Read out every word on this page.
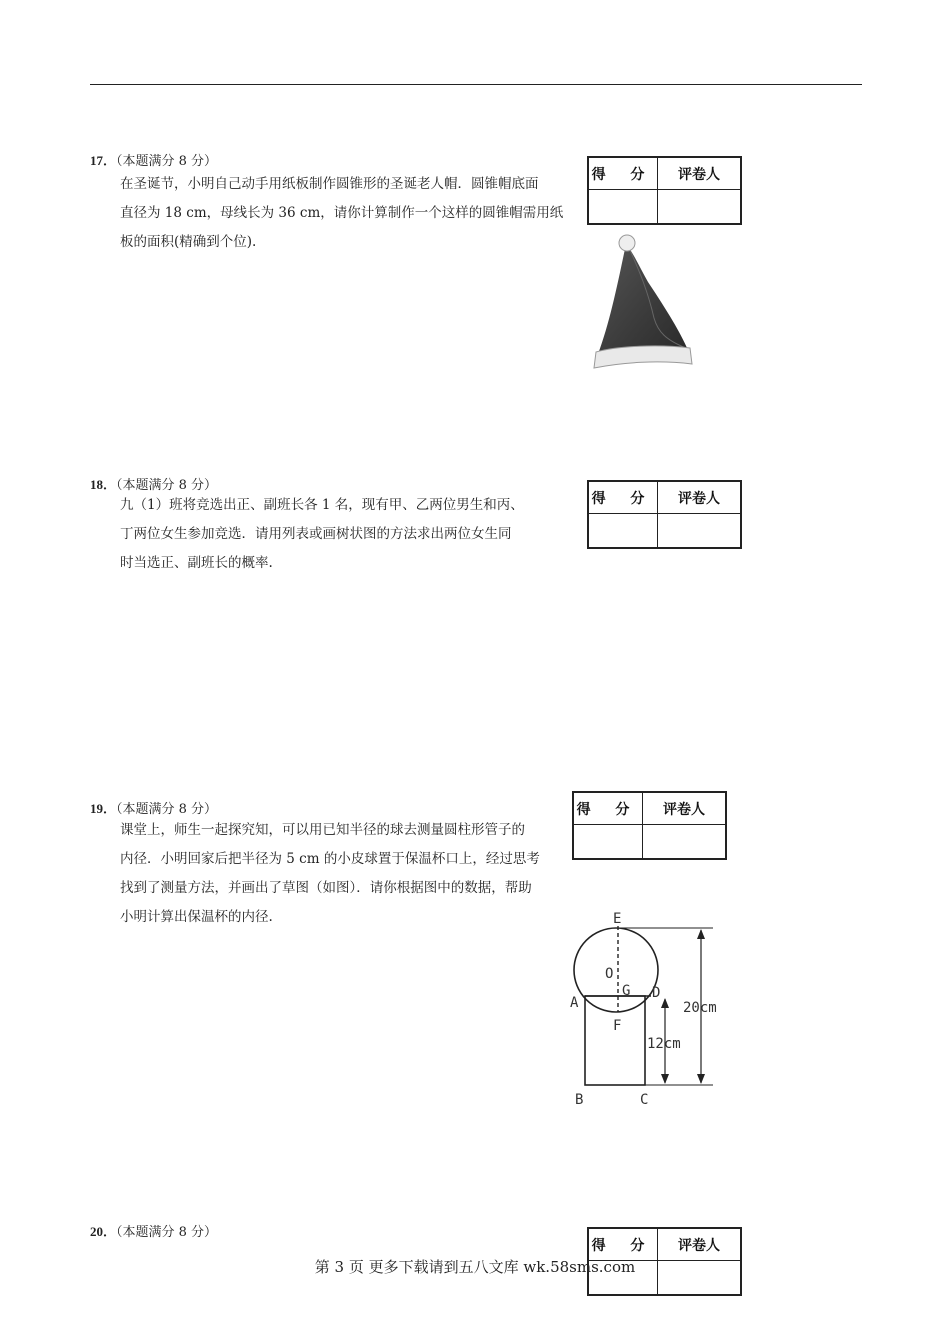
17．（本题满分 8 分）

在圣诞节，小明自己动手用纸板制作圆锥形的圣诞老人帽．圆锥帽底面

直径为 18 cm，母线长为 36 cm，请你计算制作一个这样的圆锥帽需用纸

板的面积(精确到个位).

得 分	评卷人

18．（本题满分 8 分）

九（1）班将竞选出正、副班长各 1 名，现有甲、乙两位男生和丙、

丁两位女生参加竞选．请用列表或画树状图的方法求出两位女生同

时当选正、副班长的概率.

得 分	评卷人

19．（本题满分 8 分）

课堂上，师生一起探究知，可以用已知半径的球去测量圆柱形管子的

内径．小明回家后把半径为 5 cm 的小皮球置于保温杯口上，经过思考

找到了测量方法，并画出了草图（如图）．请你根据图中的数据，帮助

小明计算出保温杯的内径.

得 分	评卷人

E
O
G D
A
F
B	C
20cm
12cm
20．（本题满分 8 分）
得 分	评卷人

第 3 页 更多下载请到五八文库 wk.58sms.com
